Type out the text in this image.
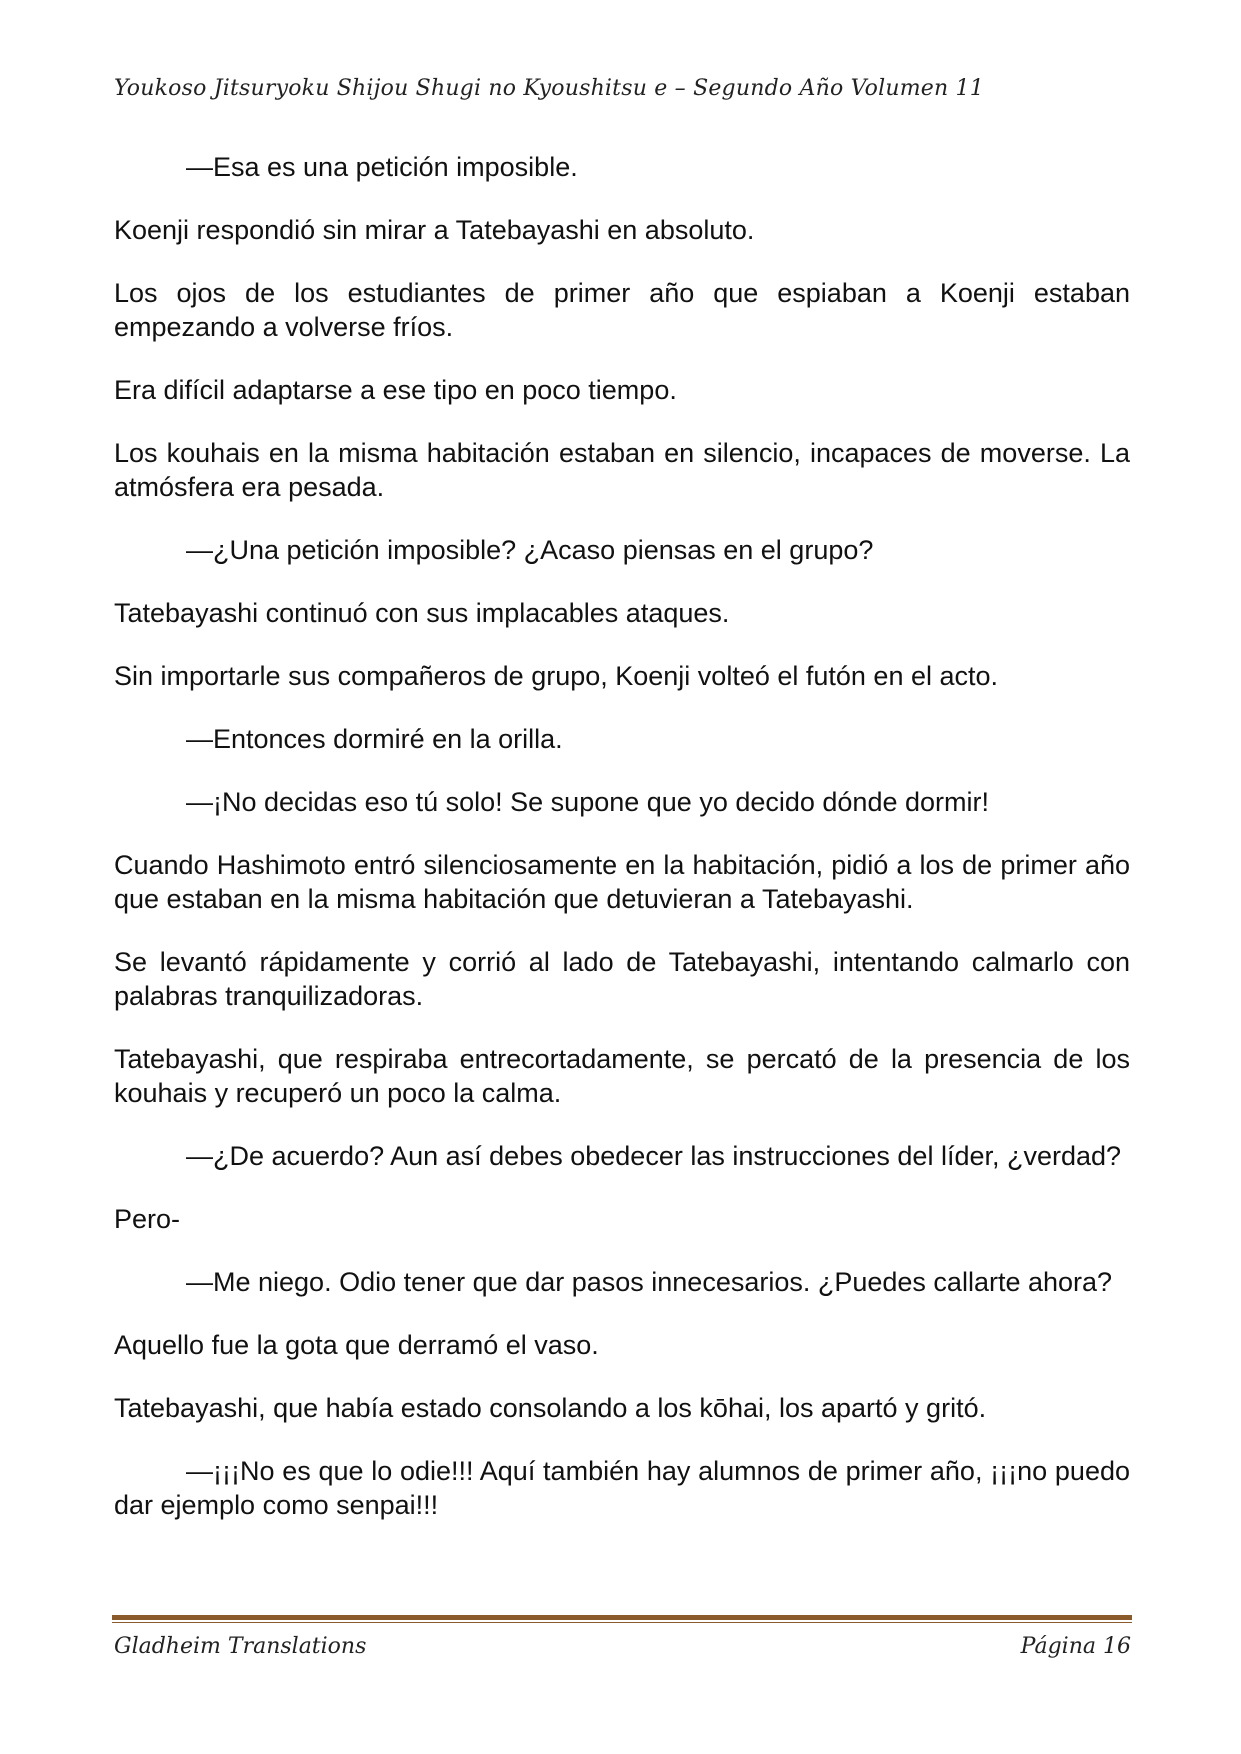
Youkoso Jitsuryoku Shijou Shugi no Kyoushitsu e – Segundo Año Volumen 11

—Esa es una petición imposible.

Koenji respondió sin mirar a Tatebayashi en absoluto.

Los ojos de los estudiantes de primer año que espiaban a Koenji estaban empezando a volverse fríos.

Era difícil adaptarse a ese tipo en poco tiempo.

Los kouhais en la misma habitación estaban en silencio, incapaces de moverse. La atmósfera era pesada.

—¿Una petición imposible? ¿Acaso piensas en el grupo?

Tatebayashi continuó con sus implacables ataques.

Sin importarle sus compañeros de grupo, Koenji volteó el futón en el acto.

—Entonces dormiré en la orilla.

—¡No decidas eso tú solo! Se supone que yo decido dónde dormir!

Cuando Hashimoto entró silenciosamente en la habitación, pidió a los de primer año que estaban en la misma habitación que detuvieran a Tatebayashi.

Se levantó rápidamente y corrió al lado de Tatebayashi, intentando calmarlo con palabras tranquilizadoras.

Tatebayashi, que respiraba entrecortadamente, se percató de la presencia de los kouhais y recuperó un poco la calma.

—¿De acuerdo? Aun así debes obedecer las instrucciones del líder, ¿verdad?

Pero-

—Me niego. Odio tener que dar pasos innecesarios. ¿Puedes callarte ahora?

Aquello fue la gota que derramó el vaso.

Tatebayashi, que había estado consolando a los kōhai, los apartó y gritó.

—¡¡¡No es que lo odie!!! Aquí también hay alumnos de primer año, ¡¡¡no puedo dar ejemplo como senpai!!!

Gladheim Translations	Página 16
